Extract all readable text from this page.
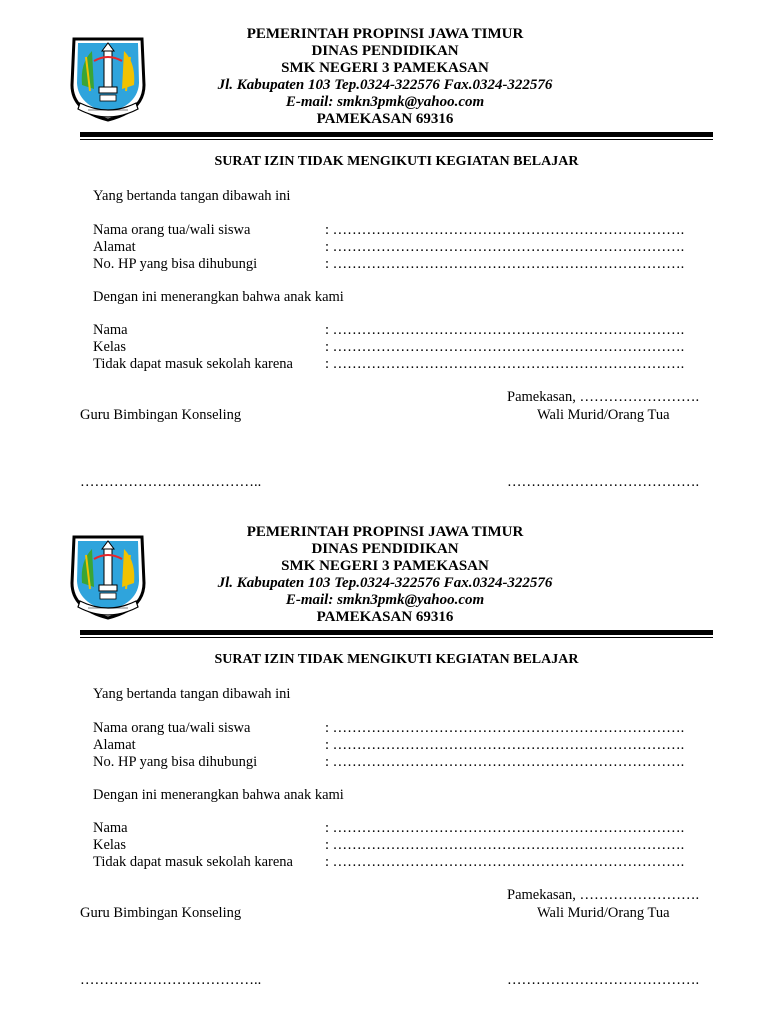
PEMERINTAH PROPINSI JAWA TIMUR
DINAS PENDIDIKAN
SMK NEGERI 3 PAMEKASAN
Jl. Kabupaten 103 Tep.0324-322576 Fax.0324-322576
E-mail: smkn3pmk@yahoo.com
PAMEKASAN 69316
SURAT IZIN TIDAK MENGIKUTI KEGIATAN BELAJAR
Yang bertanda tangan dibawah ini
Nama orang tua/wali siswa	: ……………………………………………………………….
Alamat	: ……………………………………………………………….
No. HP yang bisa dihubungi	: ……………………………………………………………….
Dengan ini menerangkan bahwa anak kami
Nama	: ……………………………………………………………….
Kelas	: ……………………………………………………………….
Tidak dapat masuk sekolah karena : ……………………………………………………………….
Pamekasan, …………………….
Guru Bimbingan Konseling	Wali Murid/Orang Tua
………………………………..	………………………………….
PEMERINTAH PROPINSI JAWA TIMUR
DINAS PENDIDIKAN
SMK NEGERI 3 PAMEKASAN
Jl. Kabupaten 103 Tep.0324-322576 Fax.0324-322576
E-mail: smkn3pmk@yahoo.com
PAMEKASAN 69316
SURAT IZIN TIDAK MENGIKUTI KEGIATAN BELAJAR
Yang bertanda tangan dibawah ini
Nama orang tua/wali siswa	: ……………………………………………………………….
Alamat	: ……………………………………………………………….
No. HP yang bisa dihubungi	: ……………………………………………………………….
Dengan ini menerangkan bahwa anak kami
Nama	: ……………………………………………………………….
Kelas	: ……………………………………………………………….
Tidak dapat masuk sekolah karena : ……………………………………………………………….
Pamekasan, …………………….
Guru Bimbingan Konseling	Wali Murid/Orang Tua
………………………………..	………………………………….
